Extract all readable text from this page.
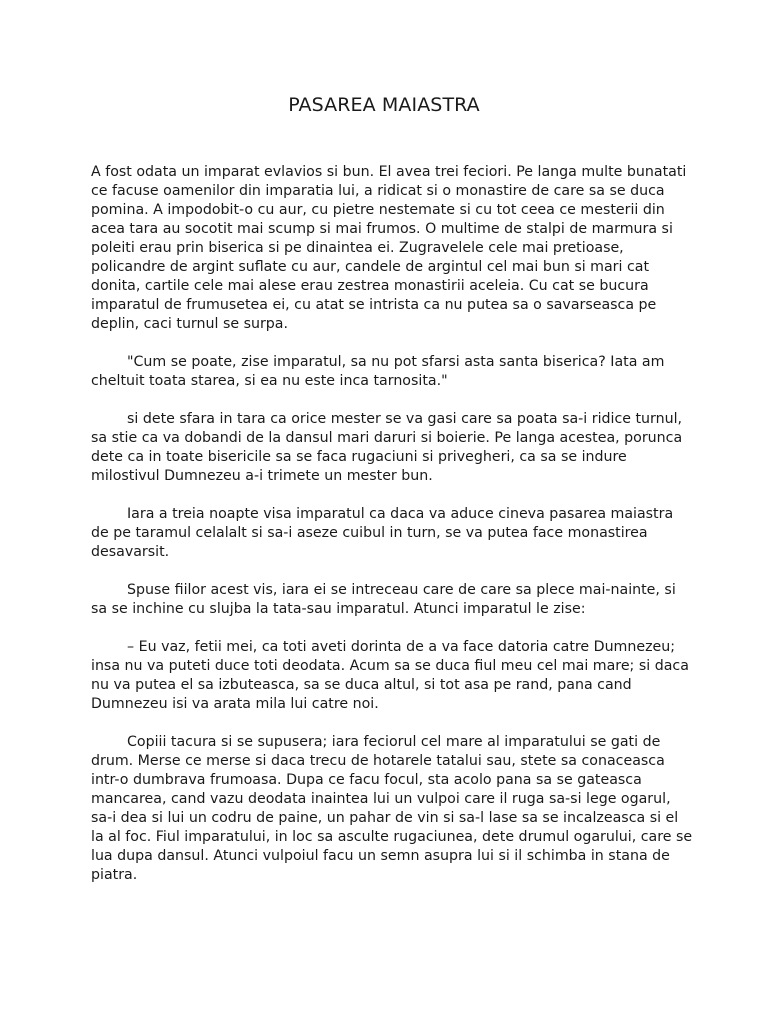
PASAREA MAIASTRA

A fost odata un imparat evlavios si bun. El avea trei feciori. Pe langa multe bunatati
ce facuse oamenilor din imparatia lui, a ridicat si o monastire de care sa se duca
pomina. A impodobit-o cu aur, cu pietre nestemate si cu tot ceea ce mesterii din
acea tara au socotit mai scump si mai frumos. O multime de stalpi de marmura si
poleiti erau prin biserica si pe dinaintea ei. Zugravelele cele mai pretioase,
policandre de argint suflate cu aur, candele de argintul cel mai bun si mari cat
donita, cartile cele mai alese erau zestrea monastirii aceleia. Cu cat se bucura
imparatul de frumusetea ei, cu atat se intrista ca nu putea sa o savarseasca pe
deplin, caci turnul se surpa.

"Cum se poate, zise imparatul, sa nu pot sfarsi asta santa biserica? Iata am
cheltuit toata starea, si ea nu este inca tarnosita."

si dete sfara in tara ca orice mester se va gasi care sa poata sa-i ridice turnul,
sa stie ca va dobandi de la dansul mari daruri si boierie. Pe langa acestea, porunca
dete ca in toate bisericile sa se faca rugaciuni si privegheri, ca sa se indure
milostivul Dumnezeu a-i trimete un mester bun.

Iara a treia noapte visa imparatul ca daca va aduce cineva pasarea maiastra
de pe taramul celalalt si sa-i aseze cuibul in turn, se va putea face monastirea
desavarsit.

Spuse fiilor acest vis, iara ei se intreceau care de care sa plece mai-nainte, si
sa se inchine cu slujba la tata-sau imparatul. Atunci imparatul le zise:

– Eu vaz, fetii mei, ca toti aveti dorinta de a va face datoria catre Dumnezeu;
insa nu va puteti duce toti deodata. Acum sa se duca fiul meu cel mai mare; si daca
nu va putea el sa izbuteasca, sa se duca altul, si tot asa pe rand, pana cand
Dumnezeu isi va arata mila lui catre noi.

Copiii tacura si se supusera; iara feciorul cel mare al imparatului se gati de
drum. Merse ce merse si daca trecu de hotarele tatalui sau, stete sa conaceasca
intr-o dumbrava frumoasa. Dupa ce facu focul, sta acolo pana sa se gateasca
mancarea, cand vazu deodata inaintea lui un vulpoi care il ruga sa-si lege ogarul,
sa-i dea si lui un codru de paine, un pahar de vin si sa-l lase sa se incalzeasca si el
la al foc. Fiul imparatului, in loc sa asculte rugaciunea, dete drumul ogarului, care se
lua dupa dansul. Atunci vulpoiul facu un semn asupra lui si il schimba in stana de
piatra.
